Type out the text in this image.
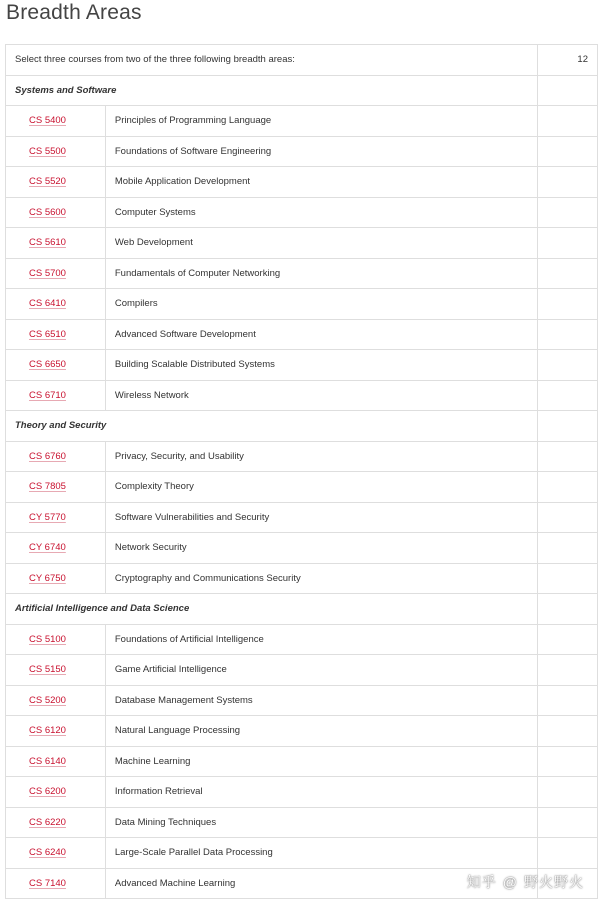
Breadth Areas
Select three courses from two of the three following breadth areas:		12
Systems and Software		
CS 5400	Principles of Programming Language	
CS 5500	Foundations of Software Engineering	
CS 5520	Mobile Application Development	
CS 5600	Computer Systems	
CS 5610	Web Development	
CS 5700	Fundamentals of Computer Networking	
CS 6410	Compilers	
CS 6510	Advanced Software Development	
CS 6650	Building Scalable Distributed Systems	
CS 6710	Wireless Network	
Theory and Security		
CS 6760	Privacy, Security, and Usability	
CS 7805	Complexity Theory	
CY 5770	Software Vulnerabilities and Security	
CY 6740	Network Security	
CY 6750	Cryptography and Communications Security	
Artificial Intelligence and Data Science		
CS 5100	Foundations of Artificial Intelligence	
CS 5150	Game Artificial Intelligence	
CS 5200	Database Management Systems	
CS 6120	Natural Language Processing	
CS 6140	Machine Learning	
CS 6200	Information Retrieval	
CS 6220	Data Mining Techniques	
CS 6240	Large-Scale Parallel Data Processing	
CS 7140	Advanced Machine Learning		知乎 @ 野火野火
